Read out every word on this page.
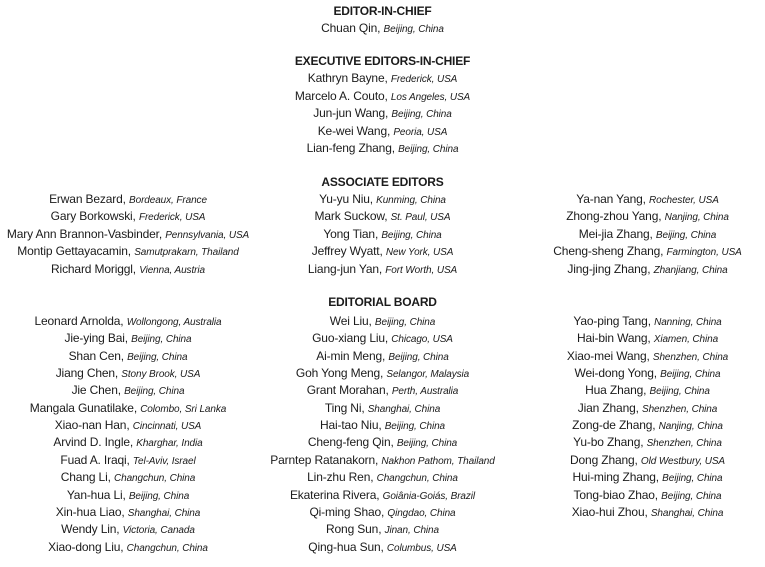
EDITOR-IN-CHIEF
Chuan Qin, Beijing, China
EXECUTIVE EDITORS-IN-CHIEF
Kathryn Bayne, Frederick, USA
Marcelo A. Couto, Los Angeles, USA
Jun-jun Wang, Beijing, China
Ke-wei Wang, Peoria, USA
Lian-feng Zhang, Beijing, China
ASSOCIATE EDITORS
Erwan Bezard, Bordeaux, France
Gary Borkowski, Frederick, USA
Mary Ann Brannon-Vasbinder, Pennsylvania, USA
Montip Gettayacamin, Samutprakarn, Thailand
Richard Moriggl, Vienna, Austria
Yu-yu Niu, Kunming, China
Mark Suckow, St. Paul, USA
Yong Tian, Beijing, China
Jeffrey Wyatt, New York, USA
Liang-jun Yan, Fort Worth, USA
Ya-nan Yang, Rochester, USA
Zhong-zhou Yang, Nanjing, China
Mei-jia Zhang, Beijing, China
Cheng-sheng Zhang, Farmington, USA
Jing-jing Zhang, Zhanjiang, China
EDITORIAL BOARD
Leonard Arnolda, Wollongong, Australia
Jie-ying Bai, Beijing, China
Shan Cen, Beijing, China
Jiang Chen, Stony Brook, USA
Jie Chen, Beijing, China
Mangala Gunatilake, Colombo, Sri Lanka
Xiao-nan Han, Cincinnati, USA
Arvind D. Ingle, Kharghar, India
Fuad A. Iraqi, Tel-Aviv, Israel
Chang Li, Changchun, China
Yan-hua Li, Beijing, China
Xin-hua Liao, Shanghai, China
Wendy Lin, Victoria, Canada
Xiao-dong Liu, Changchun, China
Wei Liu, Beijing, China
Guo-xiang Liu, Chicago, USA
Ai-min Meng, Beijing, China
Goh Yong Meng, Selangor, Malaysia
Grant Morahan, Perth, Australia
Ting Ni, Shanghai, China
Hai-tao Niu, Beijing, China
Cheng-feng Qin, Beijing, China
Parntep Ratanakorn, Nakhon Pathom, Thailand
Lin-zhu Ren, Changchun, China
Ekaterina Rivera, Goiânia-Goiás, Brazil
Qi-ming Shao, Qingdao, China
Rong Sun, Jinan, China
Qing-hua Sun, Columbus, USA
Yao-ping Tang, Nanning, China
Hai-bin Wang, Xiamen, China
Xiao-mei Wang, Shenzhen, China
Wei-dong Yong, Beijing, China
Hua Zhang, Beijing, China
Jian Zhang, Shenzhen, China
Zong-de Zhang, Nanjing, China
Yu-bo Zhang, Shenzhen, China
Dong Zhang, Old Westbury, USA
Hui-ming Zhang, Beijing, China
Tong-biao Zhao, Beijing, China
Xiao-hui Zhou, Shanghai, China
